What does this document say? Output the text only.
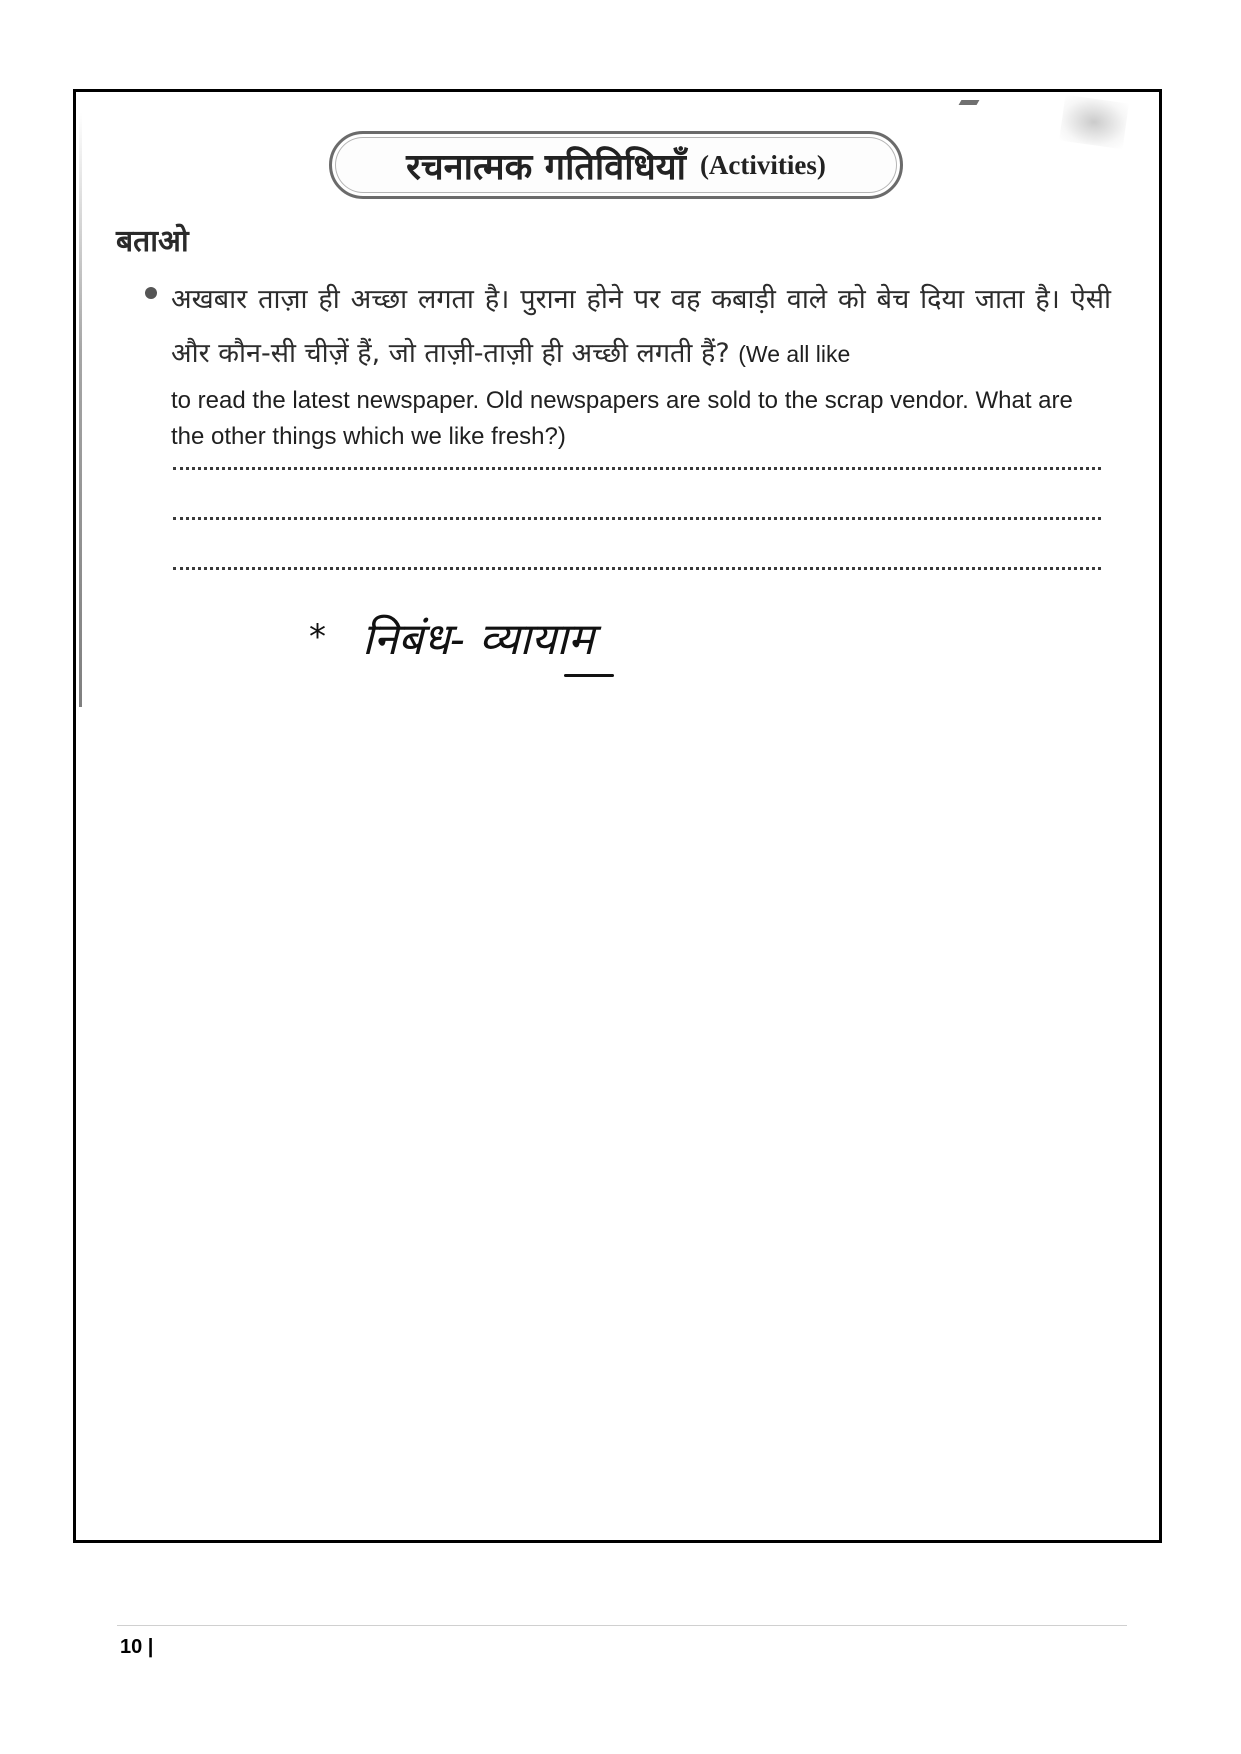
रचनात्मक गतिविधियाँ (Activities)
बताओ
अखबार ताज़ा ही अच्छा लगता है। पुराना होने पर वह कबाड़ी वाले को बेच दिया जाता है। ऐसी और कौन-सी चीज़ें हैं, जो ताज़ी-ताज़ी ही अच्छी लगती हैं? (We all like
to read the latest newspaper. Old newspapers are sold to the scrap vendor. What are the other things which we like fresh?)
* निबंध- व्यायाम
10 |
